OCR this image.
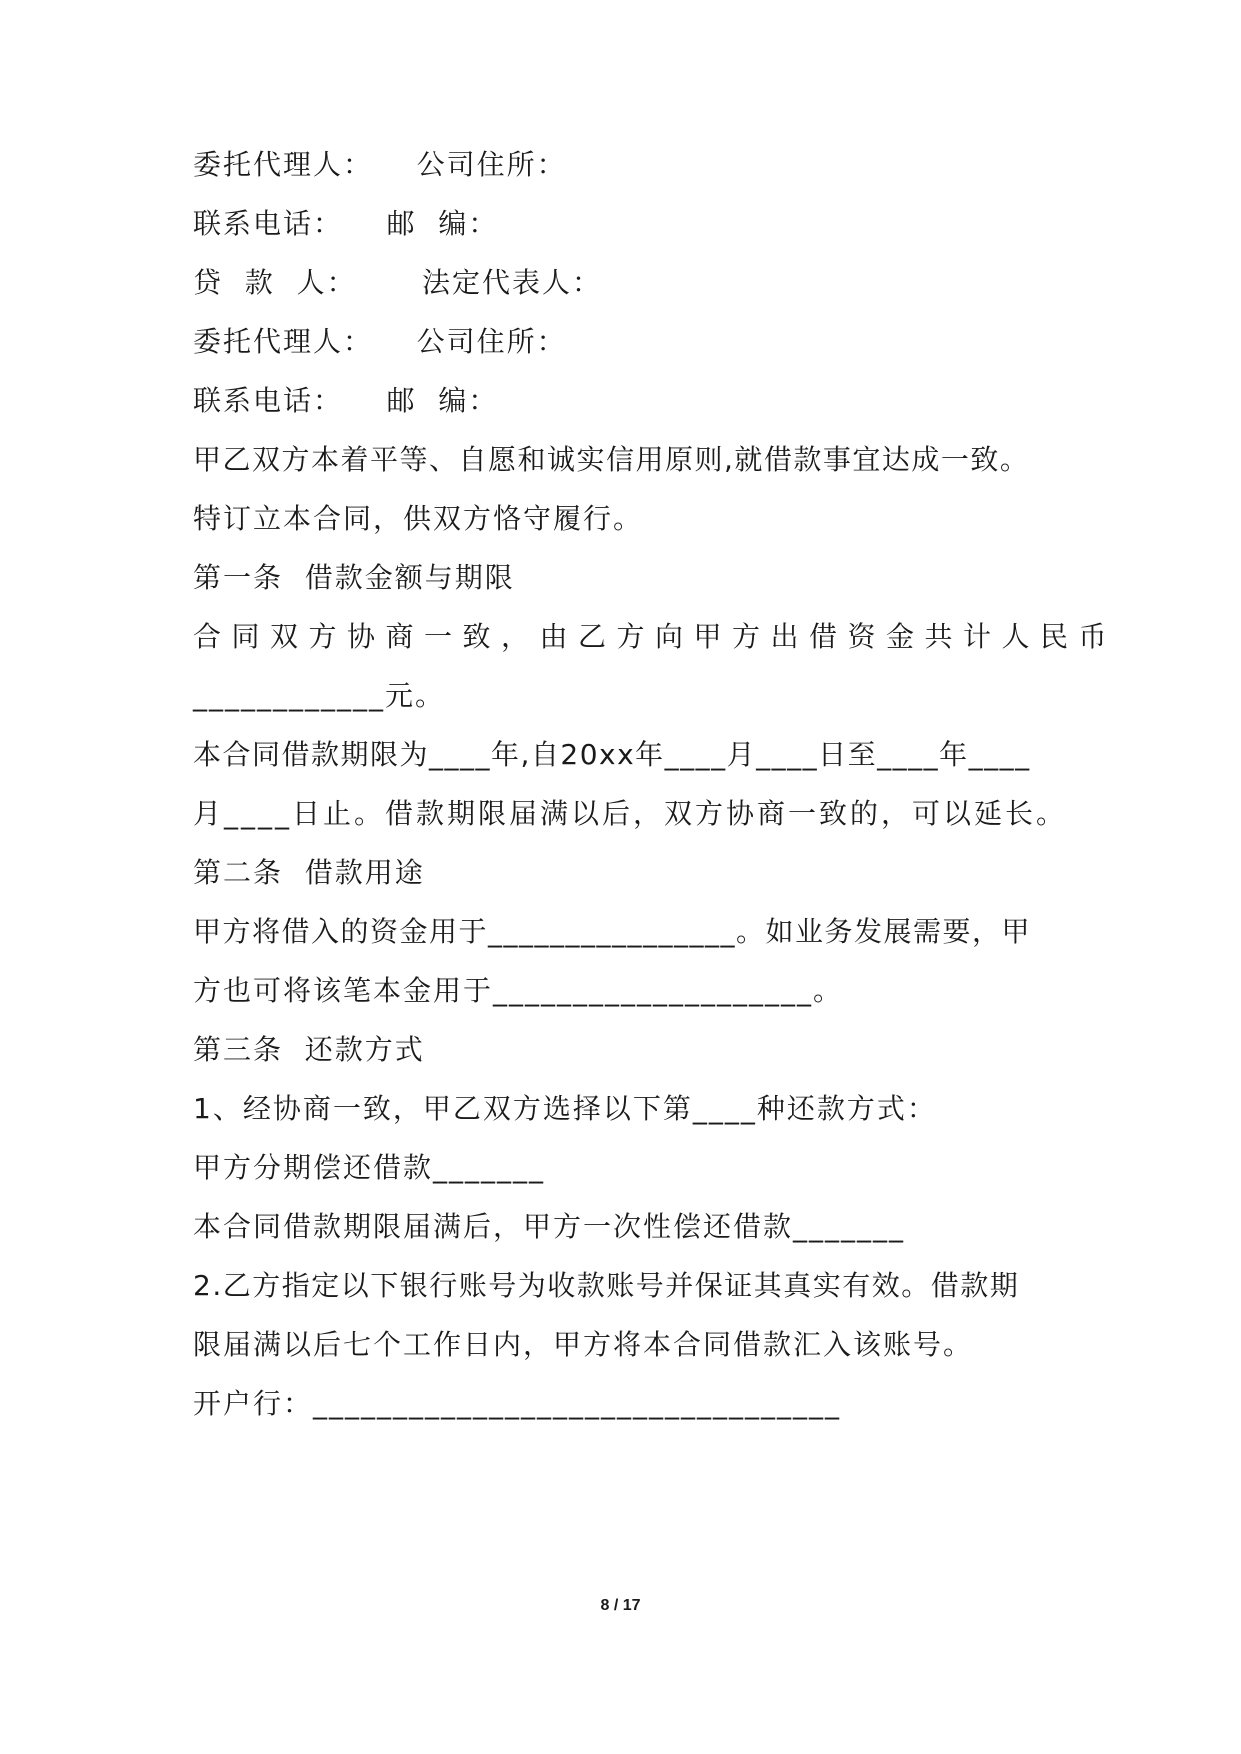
委托代理人：    公司住所：
联系电话：    邮  编：
贷  款  人：      法定代表人：
委托代理人：    公司住所：
联系电话：    邮  编：
甲乙双方本着平等、自愿和诚实信用原则,就借款事宜达成一致。
特订立本合同，供双方恪守履行。
第一条  借款金额与期限
合同双方协商一致，由乙方向甲方出借资金共计人民币
____________元。
本合同借款期限为____年,自20xx年____月____日至____年____
月____日止。借款期限届满以后，双方协商一致的，可以延长。
第二条  借款用途
甲方将借入的资金用于________________。如业务发展需要，甲
方也可将该笔本金用于____________________。
第三条  还款方式
1、经协商一致，甲乙双方选择以下第____种还款方式：
甲方分期偿还借款_______
本合同借款期限届满后，甲方一次性偿还借款_______
2.乙方指定以下银行账号为收款账号并保证其真实有效。借款期
限届满以后七个工作日内，甲方将本合同借款汇入该账号。
开户行：_________________________________
8 / 17
